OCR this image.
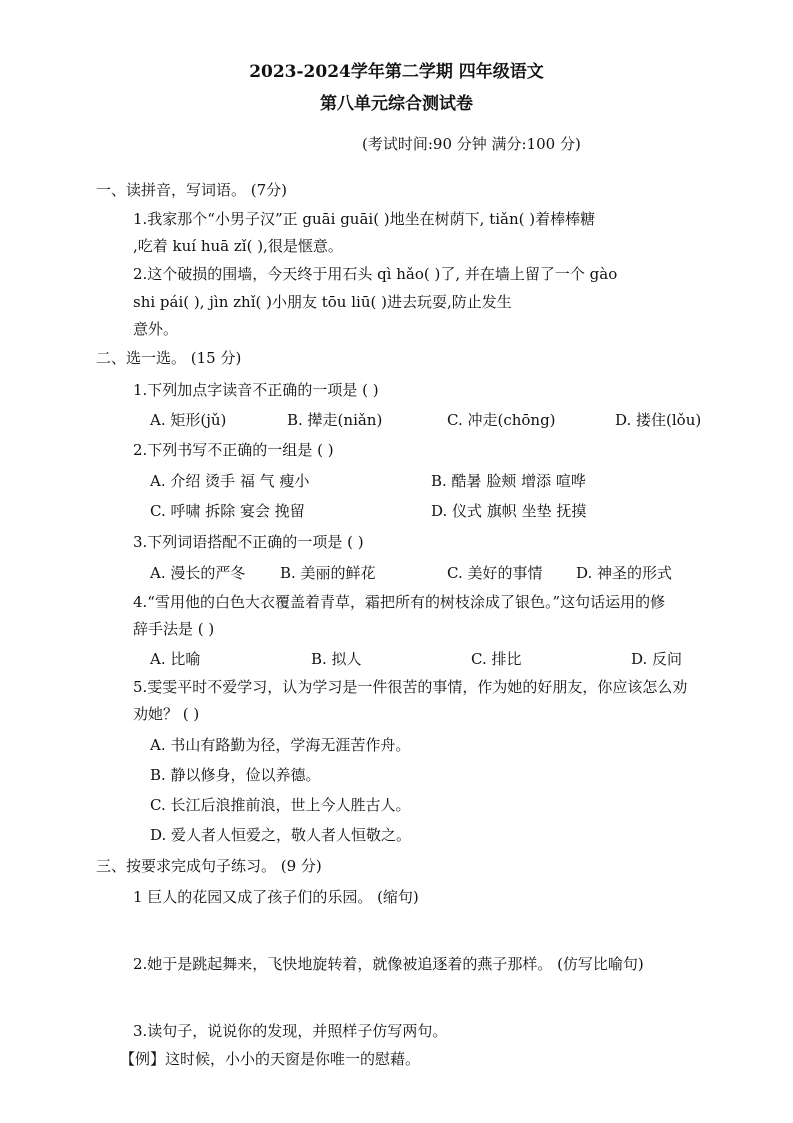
2023-2024学年第二学期 四年级语文
第八单元综合测试卷
(考试时间:90 分钟 满分:100 分)
一、读拼音，写词语。 (7分)
1.我家那个“小男子汉”正 guāi guāi( )地坐在树荫下, tiǎn( )着棒棒糖
,吃着 kuí huā zǐ( ),很是惬意。
2.这个破损的围墙，今天终于用石头 qì hǎo( )了, 并在墙上留了一个 gào
shi pái( ), jìn zhǐ( )小朋友 tōu liū( )进去玩耍,防止发生
意外。
二、选一选。 (15 分)
1.下列加点字读音不正确的一项是 ( )
A. 矩形(jǔ)	B. 撵走(niǎn)	C. 冲走(chōng)	D. 搂住(lǒu)
2.下列书写不正确的一组是 ( )
A. 介绍 烫手 福 气 瘦小	B. 酷暑 脸颊 增添 喧哗
C. 呼啸 拆除 宴会 挽留	D. 仪式 旗帜 坐垫 抚摸
3.下列词语搭配不正确的一项是 ( )
A. 漫长的严冬 B. 美丽的鲜花	C. 美好的事情 D. 神圣的形式
4.“雪用他的白色大衣覆盖着青草，霜把所有的树枝涂成了银色。”这句话运用的修
辞手法是 ( )
A. 比喻	B. 拟人	C. 排比	D. 反问
5.雯雯平时不爱学习，认为学习是一件很苦的事情，作为她的好朋友，你应该怎么劝
劝她？ ( )
A. 书山有路勤为径，学海无涯苦作舟。
B. 静以修身，俭以养德。
C. 长江后浪推前浪，世上今人胜古人。
D. 爱人者人恒爱之，敬人者人恒敬之。
三、按要求完成句子练习。 (9 分)
1 巨人的花园又成了孩子们的乐园。 (缩句)
2.她于是跳起舞来，飞快地旋转着，就像被追逐着的燕子那样。 (仿写比喻句)
3.读句子，说说你的发现，并照样子仿写两句。
【例】这时候，小小的天窗是你唯一的慰藉。
